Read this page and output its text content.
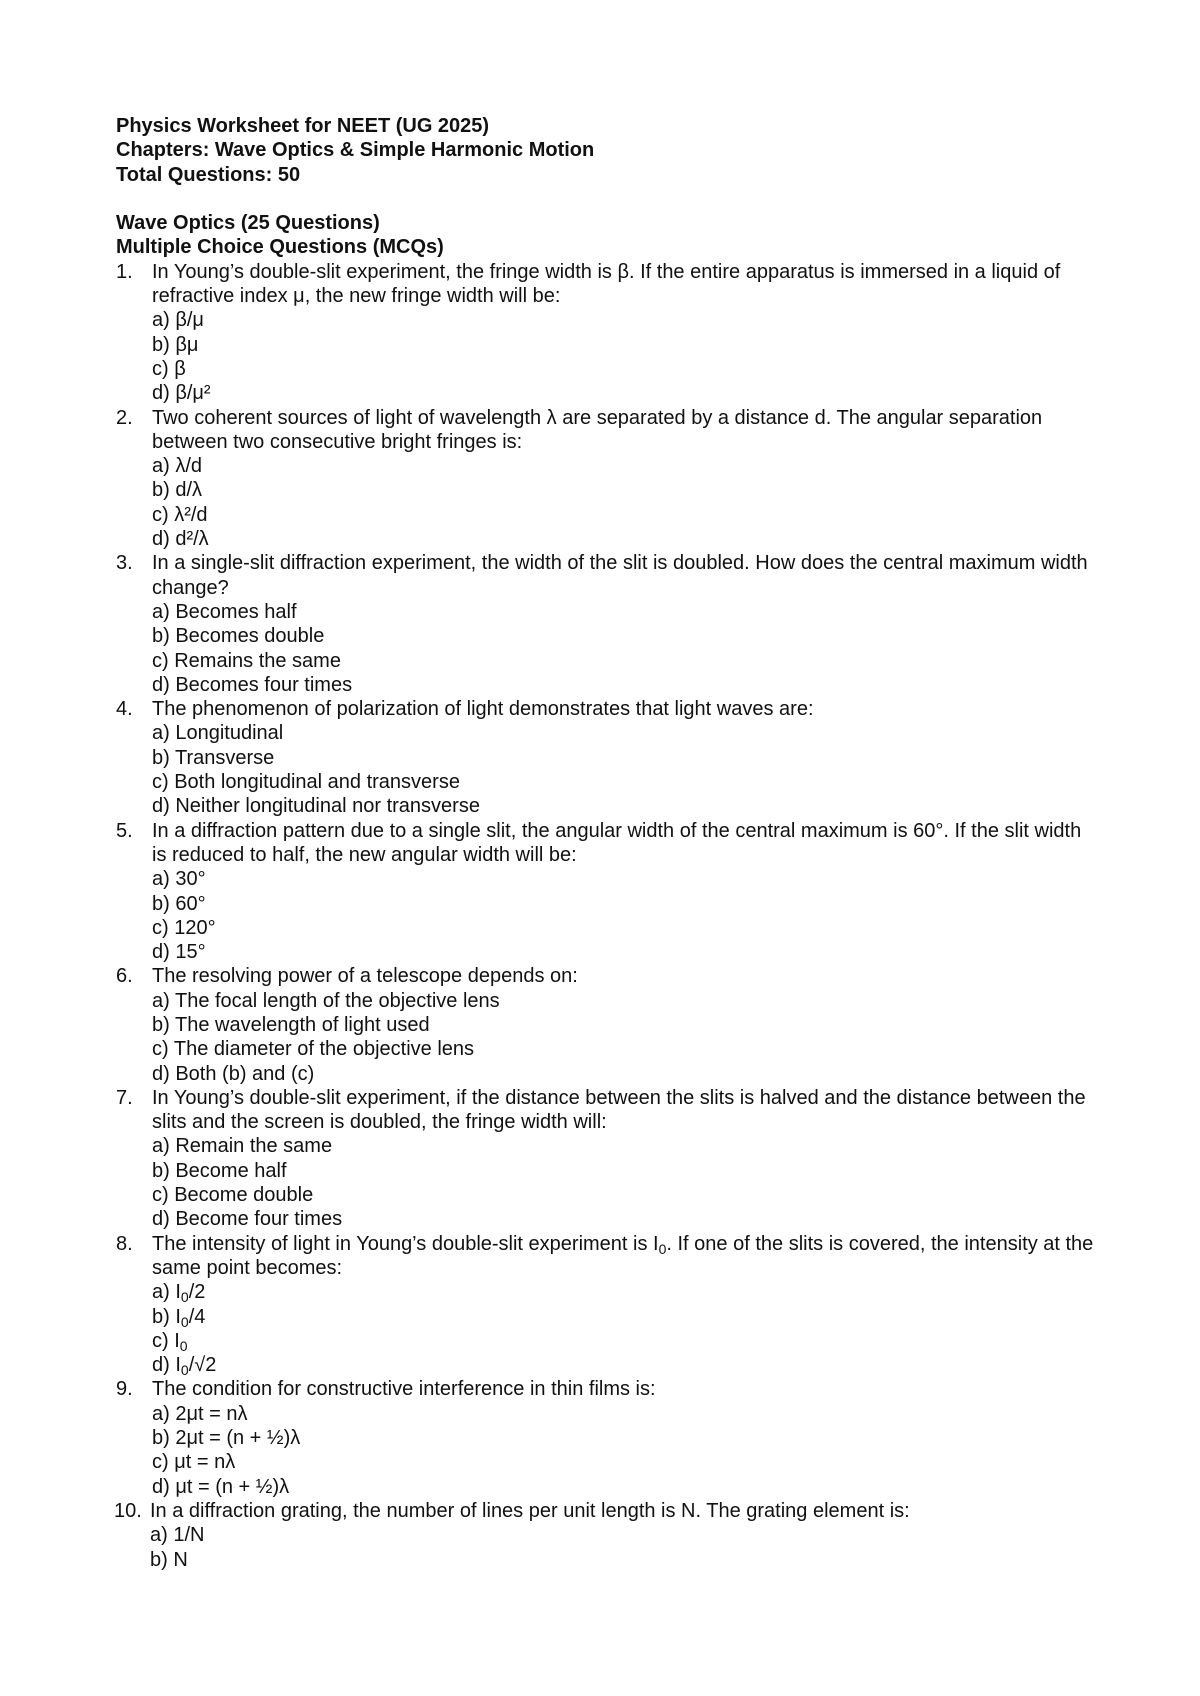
Physics Worksheet for NEET (UG 2025)
Chapters: Wave Optics & Simple Harmonic Motion
Total Questions: 50
Wave Optics (25 Questions)
Multiple Choice Questions (MCQs)
1. In Young’s double-slit experiment, the fringe width is β. If the entire apparatus is immersed in a liquid of refractive index μ, the new fringe width will be:
a) β/μ
b) βμ
c) β
d) β/μ²
2. Two coherent sources of light of wavelength λ are separated by a distance d. The angular separation between two consecutive bright fringes is:
a) λ/d
b) d/λ
c) λ²/d
d) d²/λ
3. In a single-slit diffraction experiment, the width of the slit is doubled. How does the central maximum width change?
a) Becomes half
b) Becomes double
c) Remains the same
d) Becomes four times
4. The phenomenon of polarization of light demonstrates that light waves are:
a) Longitudinal
b) Transverse
c) Both longitudinal and transverse
d) Neither longitudinal nor transverse
5. In a diffraction pattern due to a single slit, the angular width of the central maximum is 60°. If the slit width is reduced to half, the new angular width will be:
a) 30°
b) 60°
c) 120°
d) 15°
6. The resolving power of a telescope depends on:
a) The focal length of the objective lens
b) The wavelength of light used
c) The diameter of the objective lens
d) Both (b) and (c)
7. In Young’s double-slit experiment, if the distance between the slits is halved and the distance between the slits and the screen is doubled, the fringe width will:
a) Remain the same
b) Become half
c) Become double
d) Become four times
8. The intensity of light in Young’s double-slit experiment is $I_0$. If one of the slits is covered, the intensity at the same point becomes:
a) $I_0/2$
b) $I_0/4$
c) $I_0$
d) $I_0/√2$
9. The condition for constructive interference in thin films is:
a) 2μt = nλ
b) 2μt = (n + ½)λ
c) μt = nλ
d) μt = (n + ½)λ
10. In a diffraction grating, the number of lines per unit length is N. The grating element is:
a) 1/N
b) N
